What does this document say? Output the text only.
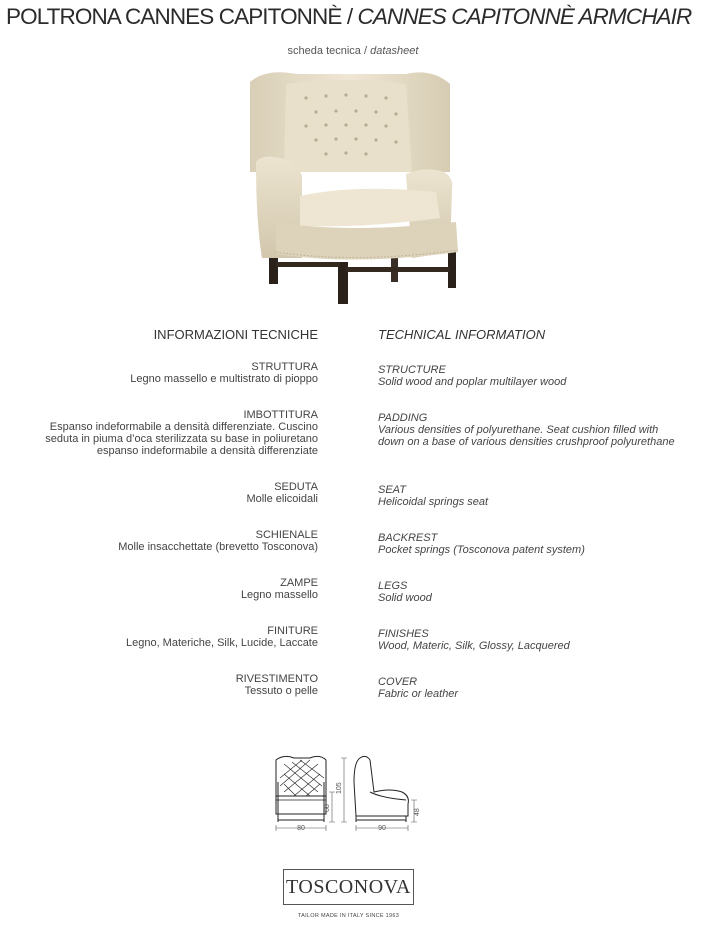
POLTRONA CANNES CAPITONNÈ / CANNES CAPITONNÈ ARMCHAIR
scheda tecnica / datasheet
INFORMAZIONI TECNICHE	TECHNICAL INFORMATION
STRUTTURA
Legno massello e multistrato di pioppo
STRUCTURE
Solid wood and poplar multilayer wood
IMBOTTITURA
Espanso indeformabile a densità differenziate. Cuscino
seduta in piuma d’oca sterilizzata su base in poliuretano
espanso indeformabile a densità differenziate
PADDING
Various densities of polyurethane. Seat cushion filled with
down on a base of various densities crushproof polyurethane
SEDUTA
Molle elicoidali
SEAT
Helicoidal springs seat
SCHIENALE
Molle insacchettate (brevetto Tosconova)
BACKREST
Pocket springs (Tosconova patent system)
ZAMPE
Legno massello
LEGS
Solid wood
FINITURE
Legno, Materiche, Silk, Lucide, Laccate
FINISHES
Wood, Materic, Silk, Glossy, Lacquered
RIVESTIMENTO
Tessuto o pelle
COVER
Fabric or leather
80
68
105
48
90
TOSCONOVA
TAILOR MADE IN ITALY SINCE 1963
